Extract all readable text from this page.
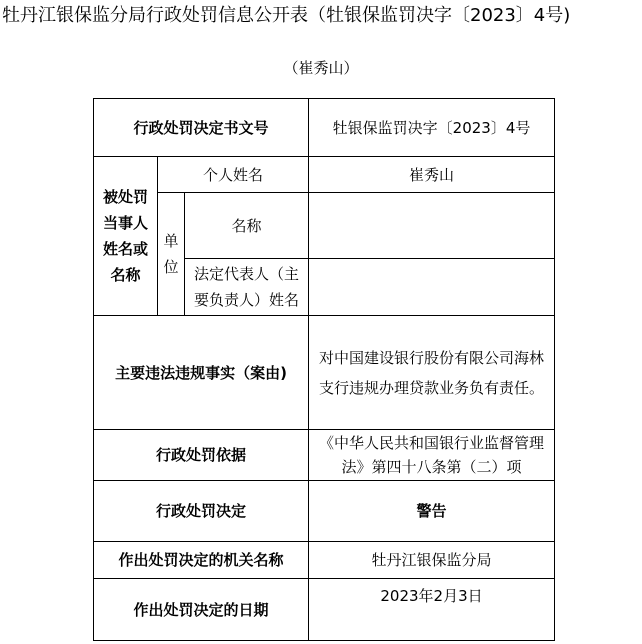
牡丹江银保监分局行政处罚信息公开表（牡银保监罚决字〔2023〕4号)
（崔秀山）
行政处罚决定书文号			牡银保监罚决字〔2023〕4号
被处罚当事人姓名或名称	个人姓名		崔秀山
	单位	名称	
		法定代表人（主要负责人）姓名	
主要违法违规事实（案由)			对中国建设银行股份有限公司海林支行违规办理贷款业务负有责任。
行政处罚依据			《中华人民共和国银行业监督管理法》第四十八条第（二）项
行政处罚决定			警告
作出处罚决定的机关名称			牡丹江银保监分局
作出处罚决定的日期			2023年2月3日
